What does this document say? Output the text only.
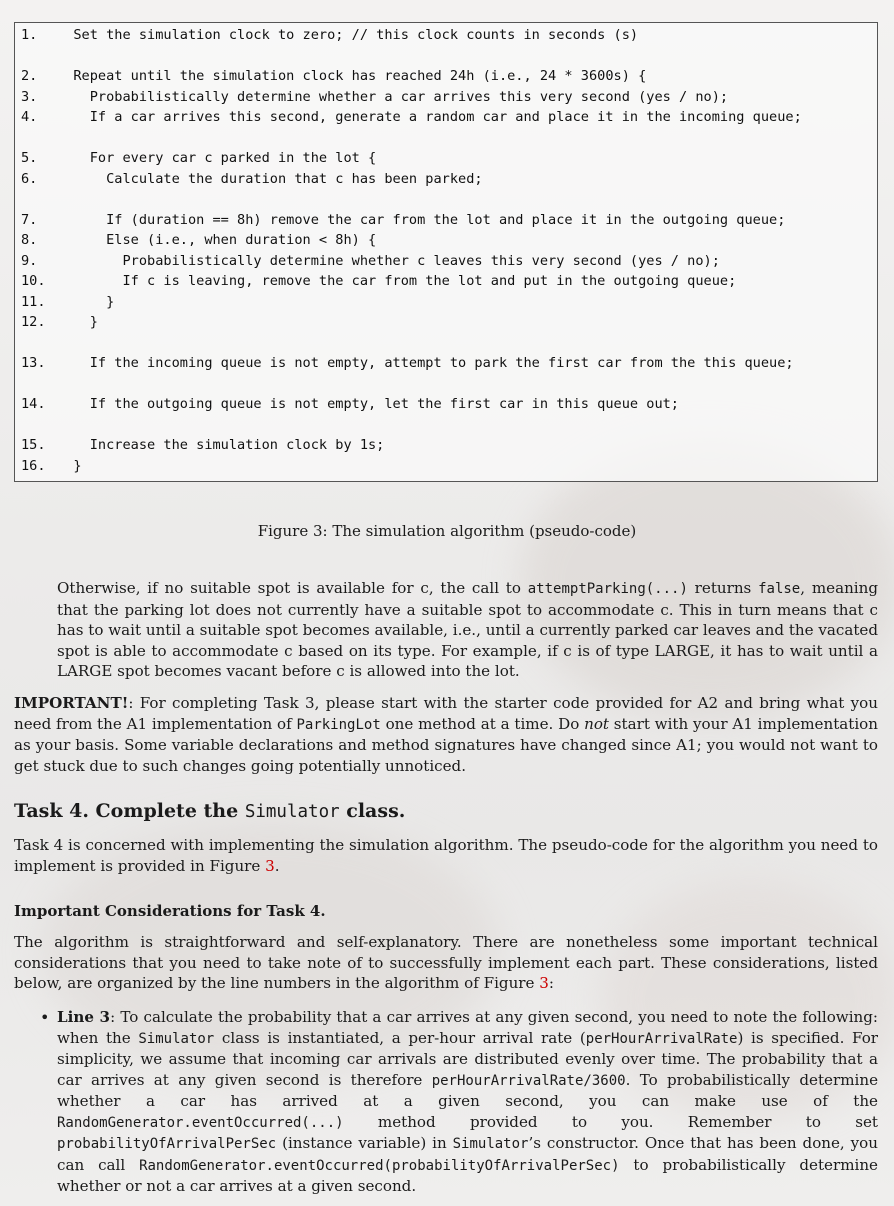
1.  Set the simulation clock to zero; // this clock counts in seconds (s)
2.  Repeat until the simulation clock has reached 24h (i.e., 24 * 3600s) {
3.    Probabilistically determine whether a car arrives this very second (yes / no);
4.    If a car arrives this second, generate a random car and place it in the incoming queue;
5.    For every car c parked in the lot {
6.      Calculate the duration that c has been parked;
7.      If (duration == 8h) remove the car from the lot and place it in the outgoing queue;
8.      Else (i.e., when duration < 8h) {
9.        Probabilistically determine whether c leaves this very second (yes / no);
10.        If c is leaving, remove the car from the lot and put in the outgoing queue;
11.      }
12.    }
13.    If the incoming queue is not empty, attempt to park the first car from the this queue;
14.    If the outgoing queue is not empty, let the first car in this queue out;
15.    Increase the simulation clock by 1s;
16.  }
Figure 3: The simulation algorithm (pseudo-code)
Otherwise, if no suitable spot is available for c, the call to attemptParking(...) returns false, meaning that the parking lot does not currently have a suitable spot to accommodate c. This in turn means that c has to wait until a suitable spot becomes available, i.e., until a currently parked car leaves and the vacated spot is able to accommodate c based on its type. For example, if c is of type LARGE, it has to wait until a LARGE spot becomes vacant before c is allowed into the lot.
IMPORTANT!: For completing Task 3, please start with the starter code provided for A2 and bring what you need from the A1 implementation of ParkingLot one method at a time. Do not start with your A1 implementation as your basis. Some variable declarations and method signatures have changed since A1; you would not want to get stuck due to such changes going potentially unnoticed.
Task 4. Complete the Simulator class.
Task 4 is concerned with implementing the simulation algorithm. The pseudo-code for the algorithm you need to implement is provided in Figure 3.
Important Considerations for Task 4.
The algorithm is straightforward and self-explanatory. There are nonetheless some important technical considerations that you need to take note of to successfully implement each part. These considerations, listed below, are organized by the line numbers in the algorithm of Figure 3:
• Line 3: To calculate the probability that a car arrives at any given second, you need to note the following: when the Simulator class is instantiated, a per-hour arrival rate (perHourArrivalRate) is specified. For simplicity, we assume that incoming car arrivals are distributed evenly over time. The probability that a car arrives at any given second is therefore perHourArrivalRate/3600. To probabilistically determine whether a car has arrived at a given second, you can make use of the RandomGenerator.eventOccurred(...) method provided to you. Remember to set probabilityOfArrivalPerSec (instance variable) in Simulator’s constructor. Once that has been done, you can call RandomGenerator.eventOccurred(probabilityOfArrivalPerSec) to probabilistically determine whether or not a car arrives at a given second.
